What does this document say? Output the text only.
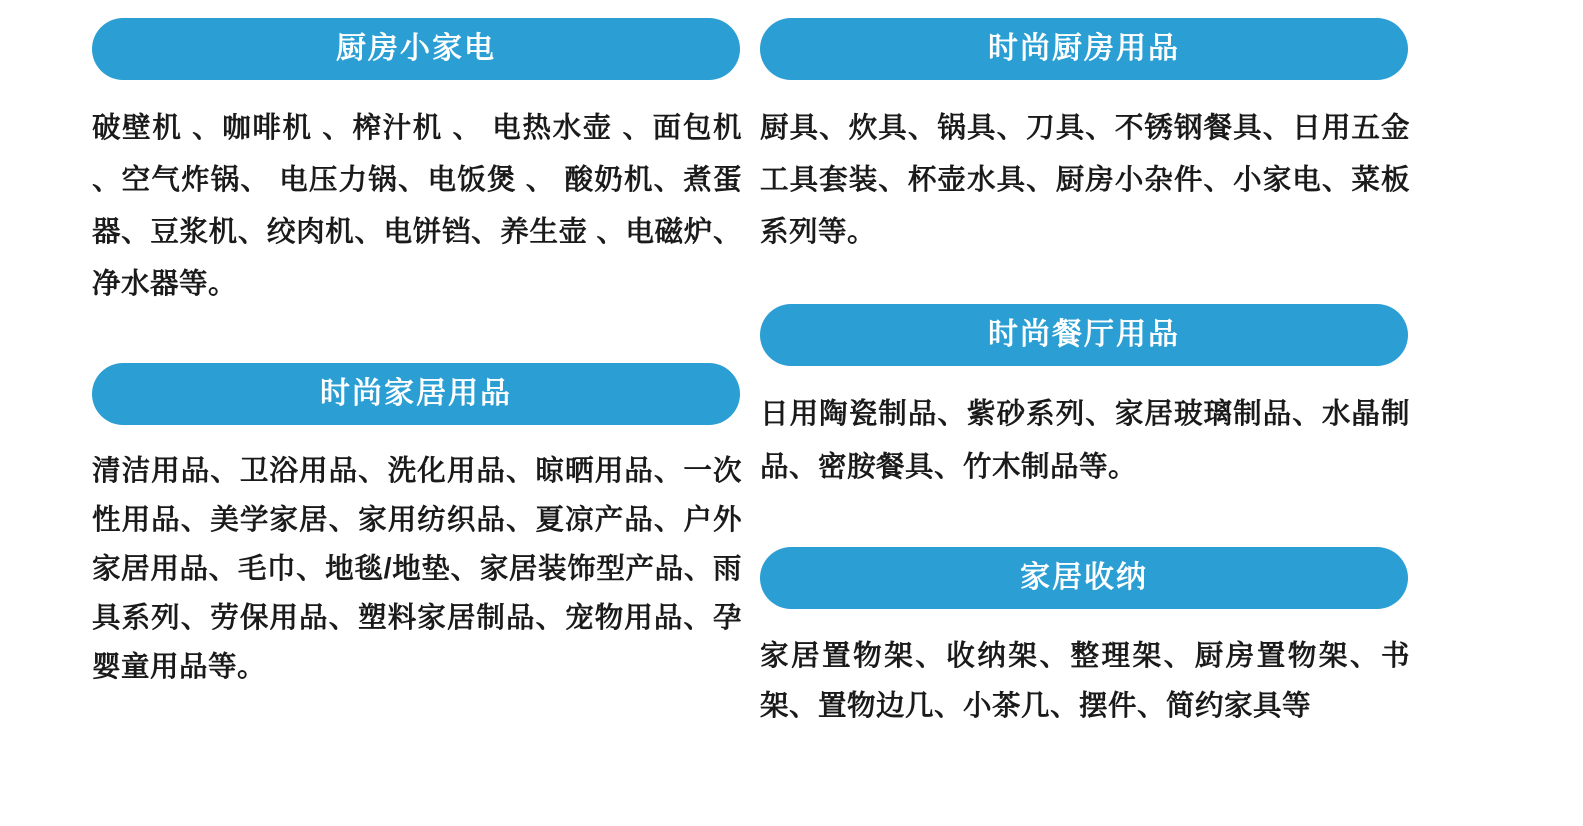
厨房小家电

破壁机 、咖啡机 、榨汁机 、 电热水壶 、面包机 、空气炸锅、 电压力锅、电饭煲 、 酸奶机、煮蛋器、豆浆机、绞肉机、电饼铛、养生壶 、电磁炉、净水器等。

时尚家居用品

清洁用品、卫浴用品、洗化用品、晾晒用品、一次性用品、美学家居、家用纺织品、夏凉产品、户外家居用品、毛巾、地毯/地垫、家居装饰型产品、雨具系列、劳保用品、塑料家居制品、宠物用品、孕婴童用品等。

时尚厨房用品

厨具、炊具、锅具、刀具、不锈钢餐具、日用五金工具套装、杯壶水具、厨房小杂件、小家电、菜板系列等。

时尚餐厅用品

日用陶瓷制品、紫砂系列、家居玻璃制品、水晶制品、密胺餐具、竹木制品等。

家居收纳

家居置物架、收纳架、整理架、厨房置物架、书架、置物边几、小茶几、摆件、简约家具等
